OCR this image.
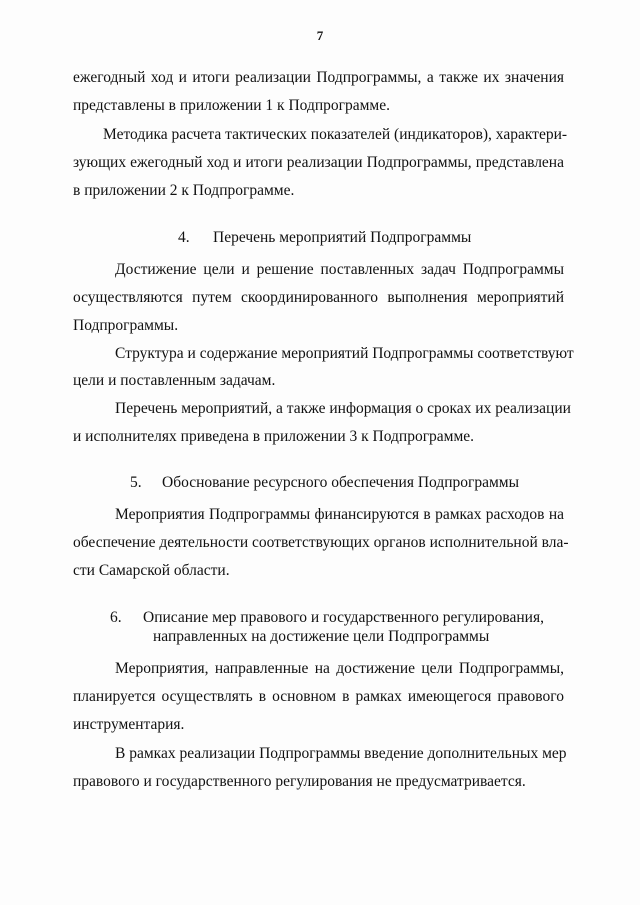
7
ежегодный ход и итоги реализации Подпрограммы, а также их значения
представлены в приложении 1 к Подпрограмме.
Методика расчета тактических показателей (индикаторов), характери-
зующих ежегодный ход и итоги реализации Подпрограммы, представлена
в приложении 2 к Подпрограмме.
4. Перечень мероприятий Подпрограммы
Достижение цели и решение поставленных задач Подпрограммы
осуществляются путем скоординированного выполнения мероприятий
Подпрограммы.
Структура и содержание мероприятий Подпрограммы соответствуют
цели и поставленным задачам.
Перечень мероприятий, а также информация о сроках их реализации
и исполнителях приведена в приложении 3 к Подпрограмме.
5. Обоснование ресурсного обеспечения Подпрограммы
Мероприятия Подпрограммы финансируются в рамках расходов на
обеспечение деятельности соответствующих органов исполнительной вла-
сти Самарской области.
6. Описание мер правового и государственного регулирования,
направленных на достижение цели Подпрограммы
Мероприятия, направленные на достижение цели Подпрограммы,
планируется осуществлять в основном в рамках имеющегося правового
инструментария.
В рамках реализации Подпрограммы введение дополнительных мер
правового и государственного регулирования не предусматривается.
